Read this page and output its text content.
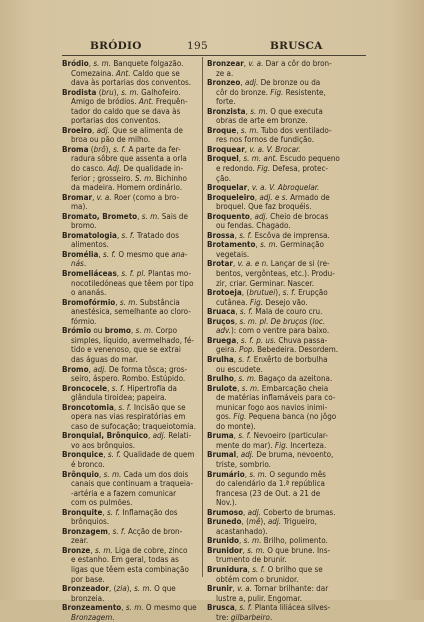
BRÓDIO	195	BRUSCA
Bródio, s. m. Banquete folgazão.
Comezaina. Ant. Caldo que se
dava às portarias dos conventos.
Brodista (bru), s. m. Galhofeiro.
Amigo de bródios. Ant. Frequên-
tador do caldo que se dava às
portarias dos conventos.
Broeiro, adj. Que se alimenta de
broa ou pão de milho.
Broma (brô), s. f. A parte da fer-
radura sôbre que assenta a orla
do casco. Adj. De qualidade in-
ferior ; grosseiro. S. m. Bichinho
da madeira. Homem ordinário.
Bromar, v. a. Roer (como a bro-
ma).
Bromato, Brometo, s. m. Sais de
bromo.
Bromatologia, s. f. Tratado dos
alimentos.
Bromélia, s. f. O mesmo que ana-
nás.
Bromeliáceas, s. f. pl. Plantas mo-
nocotiledóneas que têem por tipo
o ananás.
Bromofórmio, s. m. Substância
anestésica, semelhante ao cloro-
fórmio.
Brómio ou bromo, s. m. Corpo
simples, líquido, avermelhado, fé-
tido e venenoso, que se extrai
das águas do mar.
Bromo, adj. De forma tôsca; gros-
seiro, áspero. Rombo. Estúpido.
Broncocele, s. f. Hipertrofia da
glândula tiroidea; papeira.
Broncotomia, s. f. Incisão que se
opera nas vias respiratórias em
caso de sufocação; traqueiotomia.
Bronquial, Brônquico, adj. Relati-
vo aos brônquios.
Bronquice, s. f. Qualidade de quem
é bronco.
Brônquio, s. m. Cada um dos dois
canais que continuam a traqueia-
-artéria e a fazem comunicar
com os pulmões.
Bronquite, s. f. Inflamação dos
brônquios.
Bronzagem, s. f. Acção de bron-
zear.
Bronze, s. m. Liga de cobre, zinco
e estanho. Em geral, todas as
ligas que têem esta combinação
por base.
Bronzeador, (zia), s. m. O que
bronzeia.
Bronzeamento, s. m. O mesmo que
Bronzagem.
Bronzear, v. a. Dar a côr do bron-
ze a.
Bronzeo, adj. De bronze ou da
côr do bronze. Fig. Resistente,
forte.
Bronzista, s. m. O que executa
obras de arte em bronze.
Broque, s. m. Tubo dos ventilado-
res nos fornos de fundição.
Broquear, v. a. V. Brocar.
Broquel, s. m. ant. Escudo pequeno
e redondo. Fig. Defesa, protec-
ção.
Broquelar, v. a. V. Abroquelar.
Broqueleiro, adj. e s. Armado de
broquel. Que faz broquéis.
Broquento, adj. Cheio de brocas
ou fendas. Chagado.
Brossa, s. f. Escôva de imprensa.
Brotamento, s. m. Germinação
vegetais.
Brotar, v. a. e n. Lançar de si (re-
bentos, vergônteas, etc.). Produ-
zir, criar. Germinar. Nascer.
Brotoeja, (brutuei), s. f. Erupção
cutânea. Fig. Desejo vão.
Bruaca, s. f. Mala de couro cru.
Bruços, s. m. pl. De bruços (loc.
adv.): com o ventre para baixo.
Bruega, s. f. p. us. Chuva passa-
geira. Pop. Bebedeira. Desordem.
Brulha, s. f. Enxêrto de borbulha
ou escudete.
Brulho, s. m. Bagaço da azeitona.
Brulote, s. m. Embarcação cheia
de matérias inflamáveis para co-
municar fogo aos navios inimi-
gos. Fig. Pequena banca (no jôgo
do monte).
Bruma, s. f. Nevoeiro (particular-
mente do mar). Fig. Incerteza.
Brumal, adj. De bruma, nevoento,
triste, sombrio.
Brumário, s. m. O segundo mês
do calendário da 1.ª república
francesa (23 de Out. a 21 de
Nov.).
Brumoso, adj. Coberto de brumas.
Brunedo, (mê), adj. Trigueiro,
acastanhado).
Brunido, s. m. Brilho, polimento.
Brunidor, s. m. O que brune. Ins-
trumento de brunir.
Brunidura, s. f. O brilho que se
obtém com o brunidor.
Brunir, v. a. Tornar brilhante: dar
lustre a, pulir. Engomar.
Brusca, s. f. Planta liliácea silves-
tre: gilbarbeiro.
